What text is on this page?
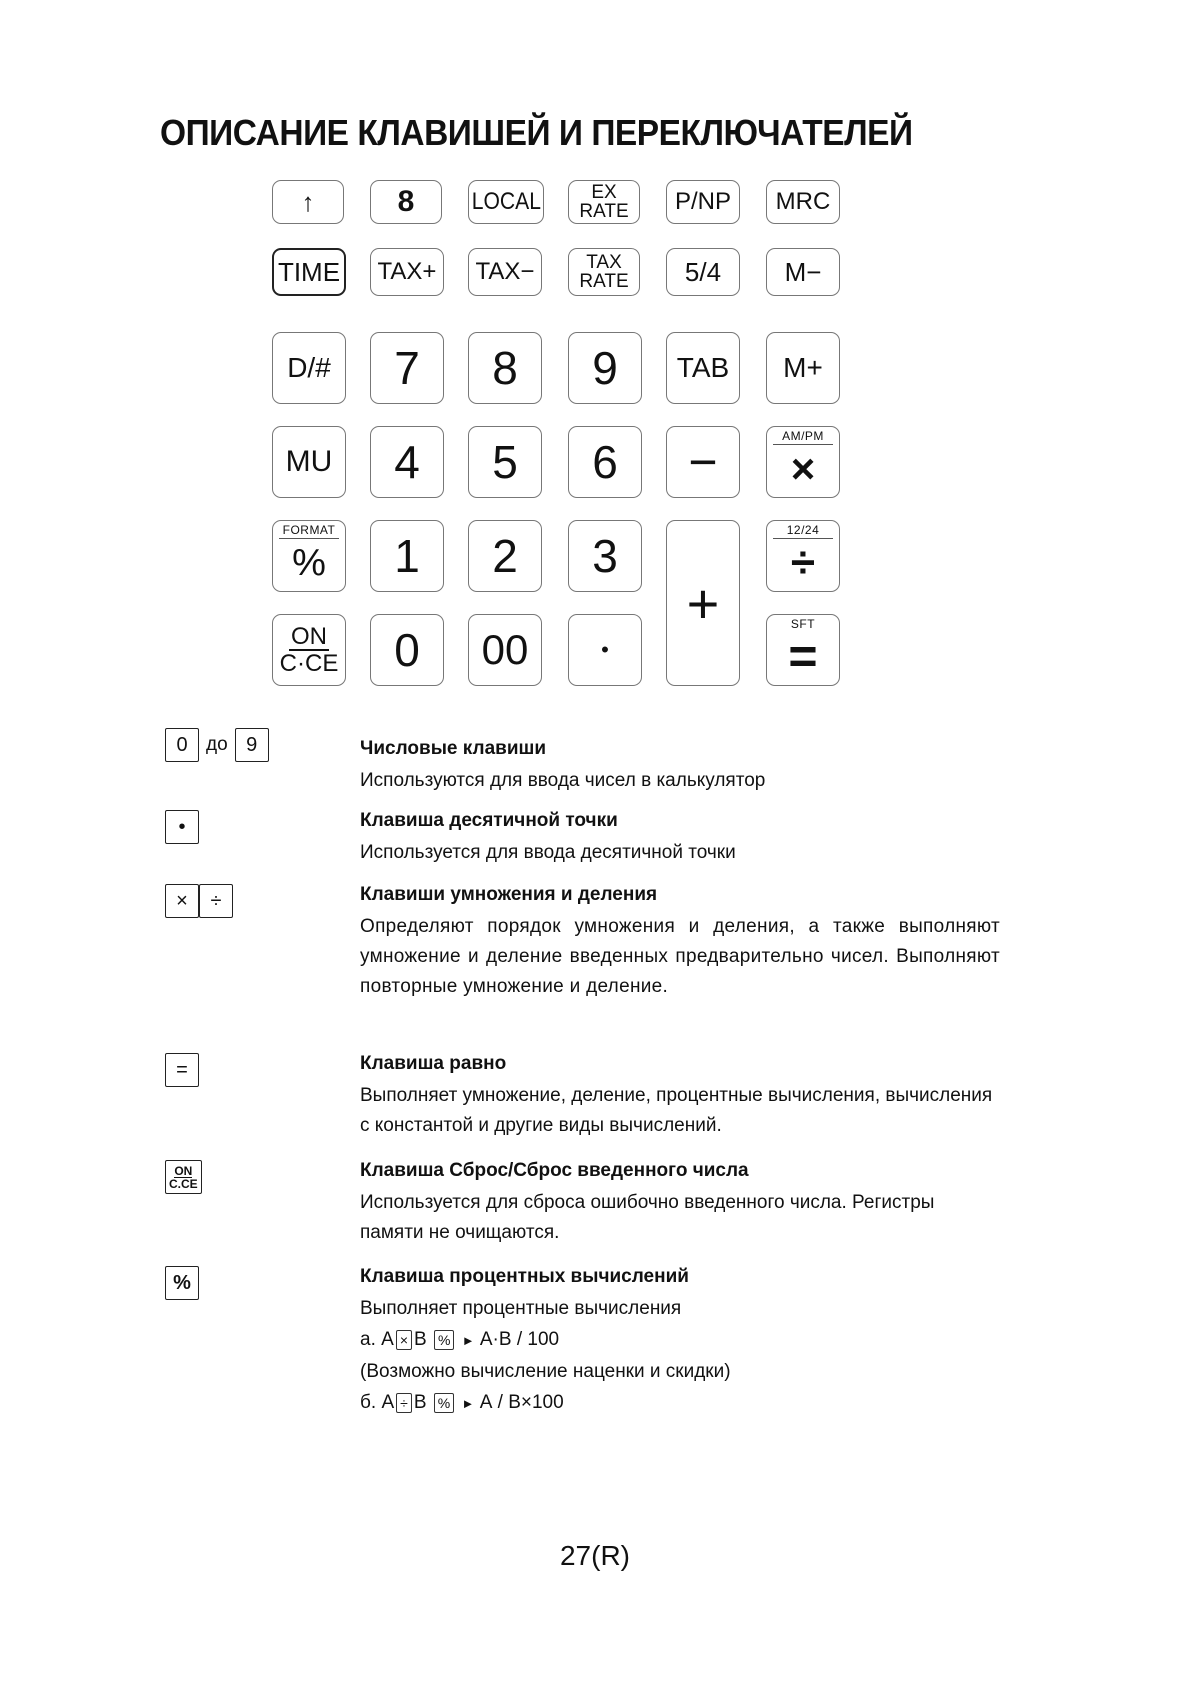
ОПИСАНИЕ КЛАВИШЕЙ И ПЕРЕКЛЮЧАТЕЛЕЙ
↑	8 LOCAL	EX
RATE P/NP MRC
TIME TAX+ TAX−	TAX
RATE 5/4 M−
D/# 7 8 9 TAB M+
MU 4 5 6 −	AM/PM
×
FORMAT
% 1 2 3
+
12/24
÷
ON
C·CE 0 00	•
SFT
=
0 до 9	Числовые клавиши

Используются для ввода чисел в калькулятор

•	Клавиша десятичной точки

Используется для ввода десятичной точки

×	÷	Клавиши умножения и деления

Определяют порядок умножения и деления, а также выполняют умножение и деление введенных предварительно чисел. Выполняют повторные умножение и деление.

=	Клавиша равно

Выполняет умножение, деление, процентные вычисления, вычисления с константой и другие виды вычислений.

ON
C.CE

Клавиша Сброс/Сброс введенного числа

Используется для сброса ошибочно введенного числа. Регистры памяти не очищаются.

%	Клавиша процентных вычислений

Выполняет процентные вычисления

а. А × В % ► А·В / 100
(Возможно вычисление наценки и скидки)
б. А ÷ В % ► А / В×100
27(R)
